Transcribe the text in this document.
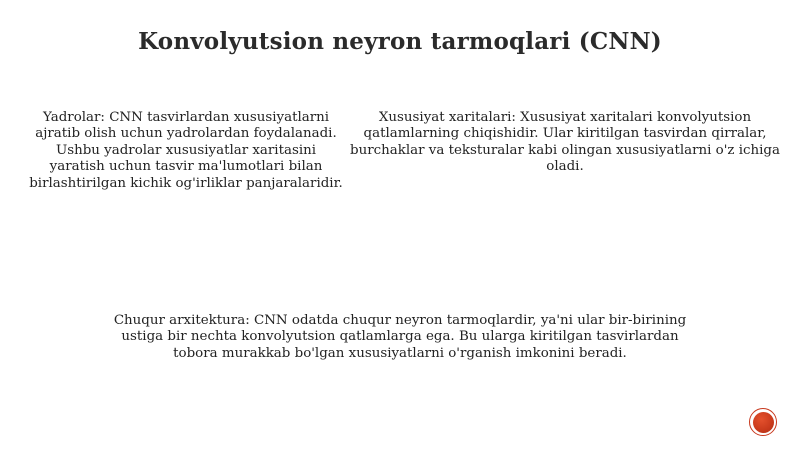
Konvolyutsion neyron tarmoqlari (CNN)
Yadrolar: CNN tasvirlardan xususiyatlarni ajratib olish uchun yadrolardan foydalanadi. Ushbu yadrolar xususiyatlar xaritasini yaratish uchun tasvir ma'lumotlari bilan birlashtirilgan kichik og'irliklar panjaralaridir.
Xususiyat xaritalari: Xususiyat xaritalari konvolyutsion qatlamlarning chiqishidir. Ular kiritilgan tasvirdan qirralar, burchaklar va teksturalar kabi olingan xususiyatlarni o'z ichiga oladi.
Chuqur arxitektura: CNN odatda chuqur neyron tarmoqlardir, ya'ni ular bir-birining ustiga bir nechta konvolyutsion qatlamlarga ega. Bu ularga kiritilgan tasvirlardan tobora murakkab bo'lgan xususiyatlarni o'rganish imkonini beradi.
